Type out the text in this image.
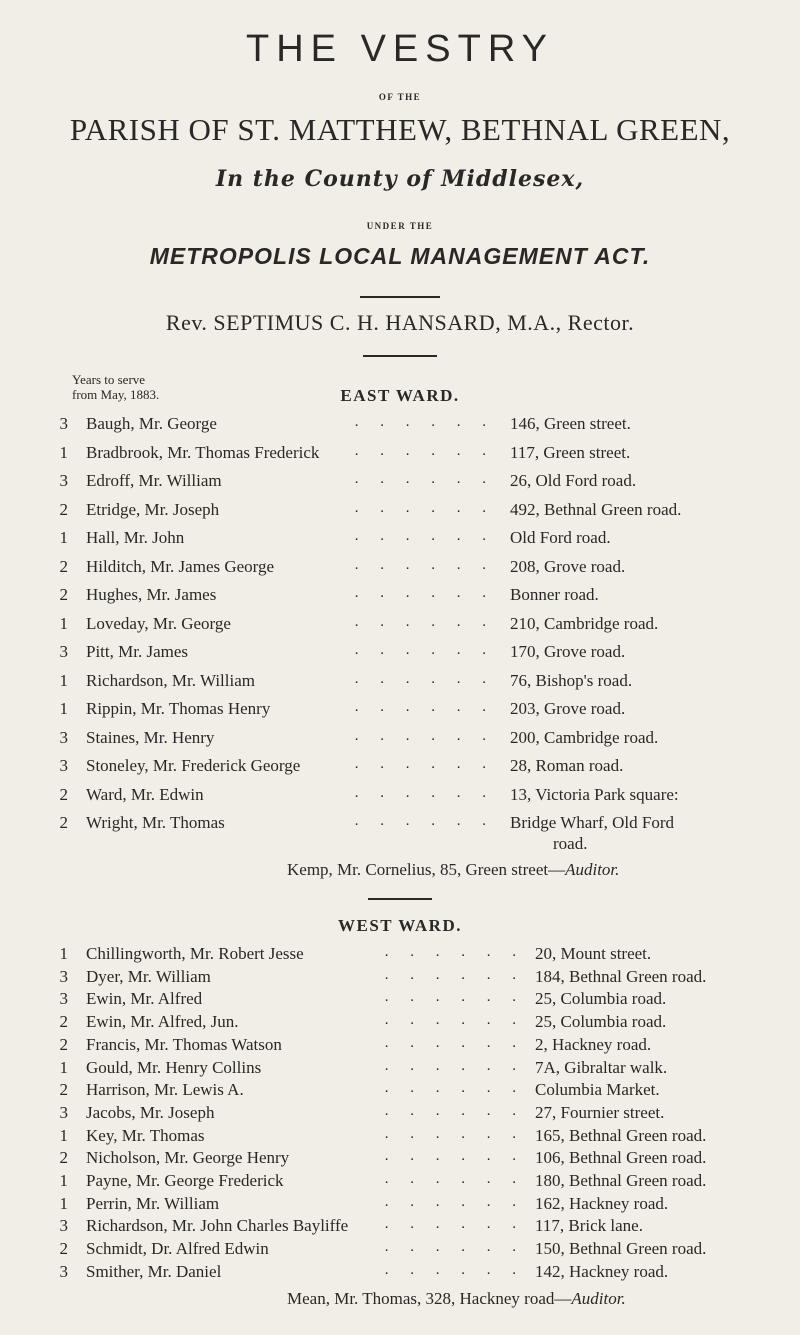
THE VESTRY
OF THE
PARISH OF ST. MATTHEW, BETHNAL GREEN,
In the County of Middlesex,
UNDER THE
METROPOLIS LOCAL MANAGEMENT ACT.
Rev. SEPTIMUS C. H. HANSARD, M.A., Rector.
Years to serve
from May, 1883.	EAST WARD.
3 Baugh, Mr. George	146, Green street.
. . . . . .
1 Bradbrook, Mr. Thomas Frederick	117, Green street.
. . . . . .
3 Edroff, Mr. William	26, Old Ford road.
. . . . . .
2 Etridge, Mr. Joseph	492, Bethnal Green road.
. . . . . .
1 Hall, Mr. John	Old Ford road.
. . . . . .
2 Hilditch, Mr. James George	208, Grove road.
. . . . . .
2 Hughes, Mr. James	Bonner road.
. . . . . .
1 Loveday, Mr. George	210, Cambridge road.
. . . . . .
3 Pitt, Mr. James	170, Grove road.
. . . . . .
1 Richardson, Mr. William	76, Bishop's road.
. . . . . .
1 Rippin, Mr. Thomas Henry	203, Grove road.
. . . . . .
3 Staines, Mr. Henry	200, Cambridge road.
. . . . . .
3 Stoneley, Mr. Frederick George	28, Roman road.
. . . . . .
2 Ward, Mr. Edwin	13, Victoria Park square:
. . . . . .
2 Wright, Mr. Thomas	Bridge Wharf, Old Ford
. . . . . .
road.
Kemp, Mr. Cornelius, 85, Green street—Auditor.
WEST WARD.
1 Chillingworth, Mr. Robert Jesse	20, Mount street.
. . . . . .
3 Dyer, Mr. William	184, Bethnal Green road.
. . . . . .
3 Ewin, Mr. Alfred	25, Columbia road.
. . . . . .
2 Ewin, Mr. Alfred, Jun.	25, Columbia road.
. . . . . .
2 Francis, Mr. Thomas Watson	2, Hackney road.
. . . . . .
1 Gould, Mr. Henry Collins	7A, Gibraltar walk.
. . . . . .
2 Harrison, Mr. Lewis A.	Columbia Market.
. . . . . .
3 Jacobs, Mr. Joseph	27, Fournier street.
. . . . . .
1 Key, Mr. Thomas	165, Bethnal Green road.
. . . . . .
2 Nicholson, Mr. George Henry	106, Bethnal Green road.
. . . . . .
1 Payne, Mr. George Frederick	180, Bethnal Green road.
. . . . . .
1 Perrin, Mr. William	162, Hackney road.
. . . . . .
3 Richardson, Mr. John Charles Bayliffe	117, Brick lane.
. . . . . .
2 Schmidt, Dr. Alfred Edwin	150, Bethnal Green road.
. . . . . .
3 Smither, Mr. Daniel	142, Hackney road.
. . . . . .
Mean, Mr. Thomas, 328, Hackney road—Auditor.
